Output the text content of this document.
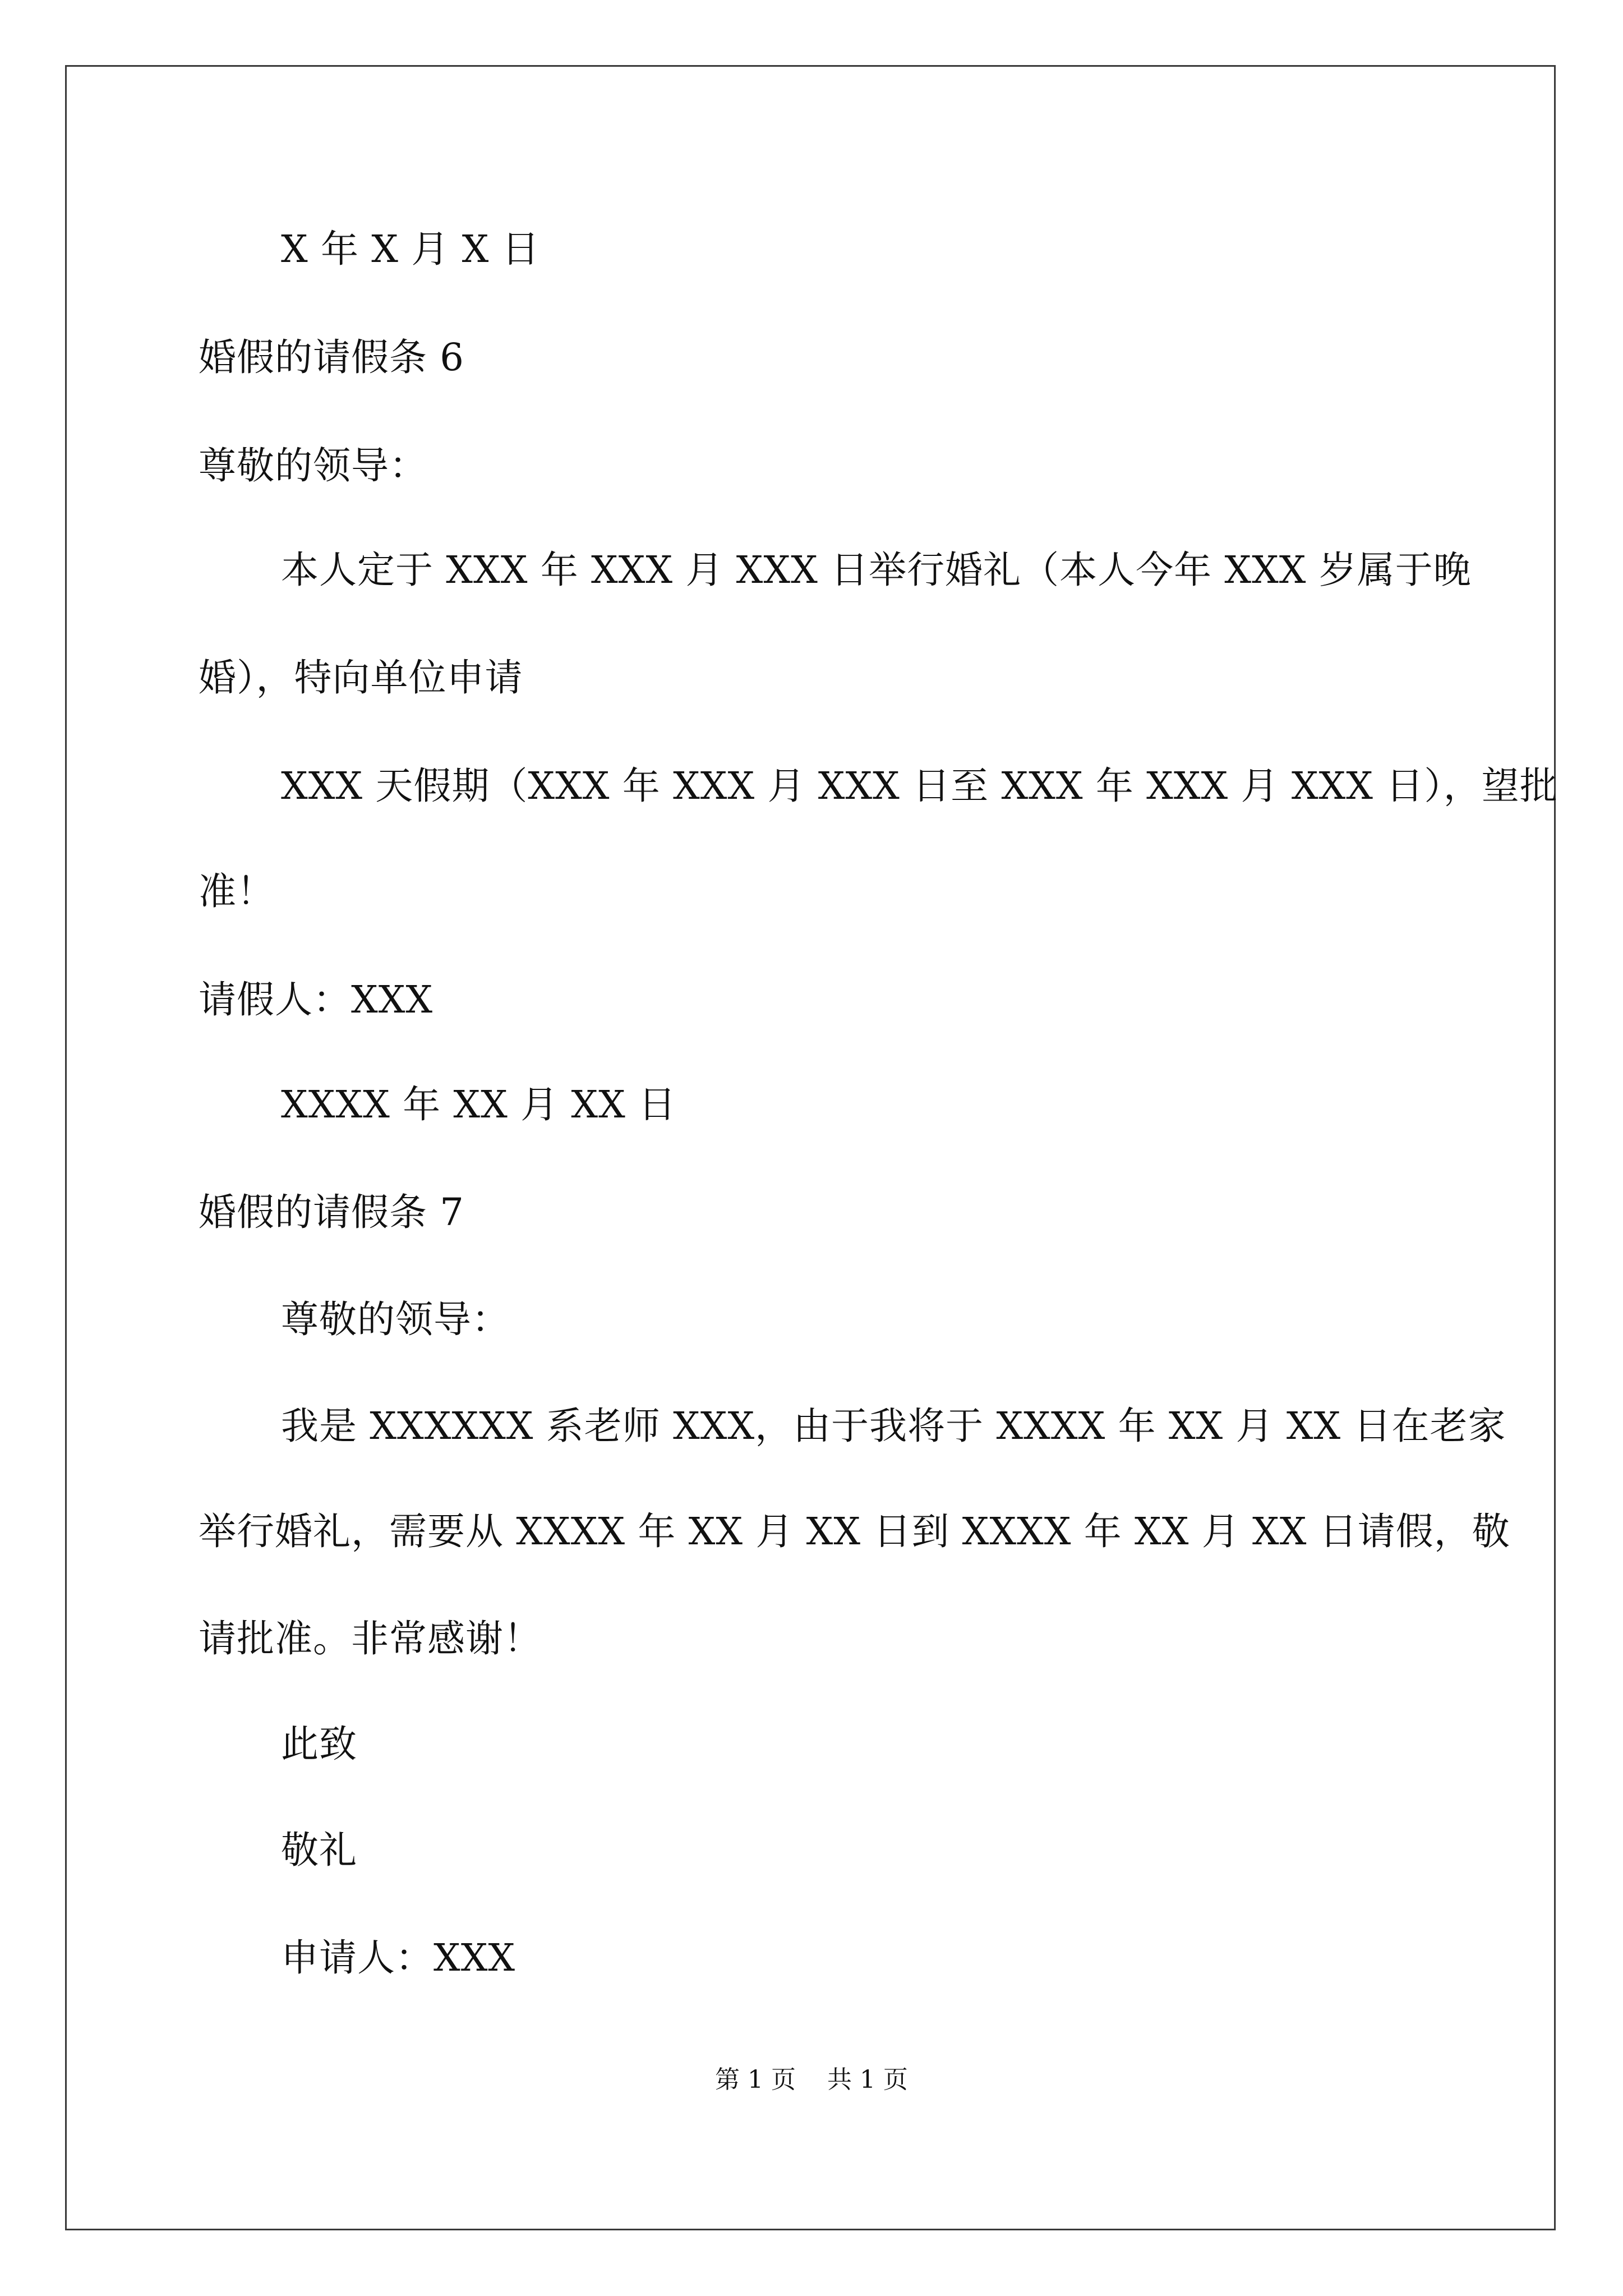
X 年 X 月 X 日
婚假的请假条 6
尊敬的领导：
本人定于 XXX 年 XXX 月 XXX 日举行婚礼（本人今年 XXX 岁属于晚
婚），特向单位申请
XXX 天假期（XXX 年 XXX 月 XXX 日至 XXX 年 XXX 月 XXX 日），望批
准！
请假人：XXX
XXXX 年 XX 月 XX 日
婚假的请假条 7
尊敬的领导：
我是 XXXXXX 系老师 XXX，由于我将于 XXXX 年 XX 月 XX 日在老家
举行婚礼，需要从 XXXX 年 XX 月 XX 日到 XXXX 年 XX 月 XX 日请假，敬
请批准。非常感谢！
此致
敬礼
申请人：XXX
第 1 页    共 1 页
